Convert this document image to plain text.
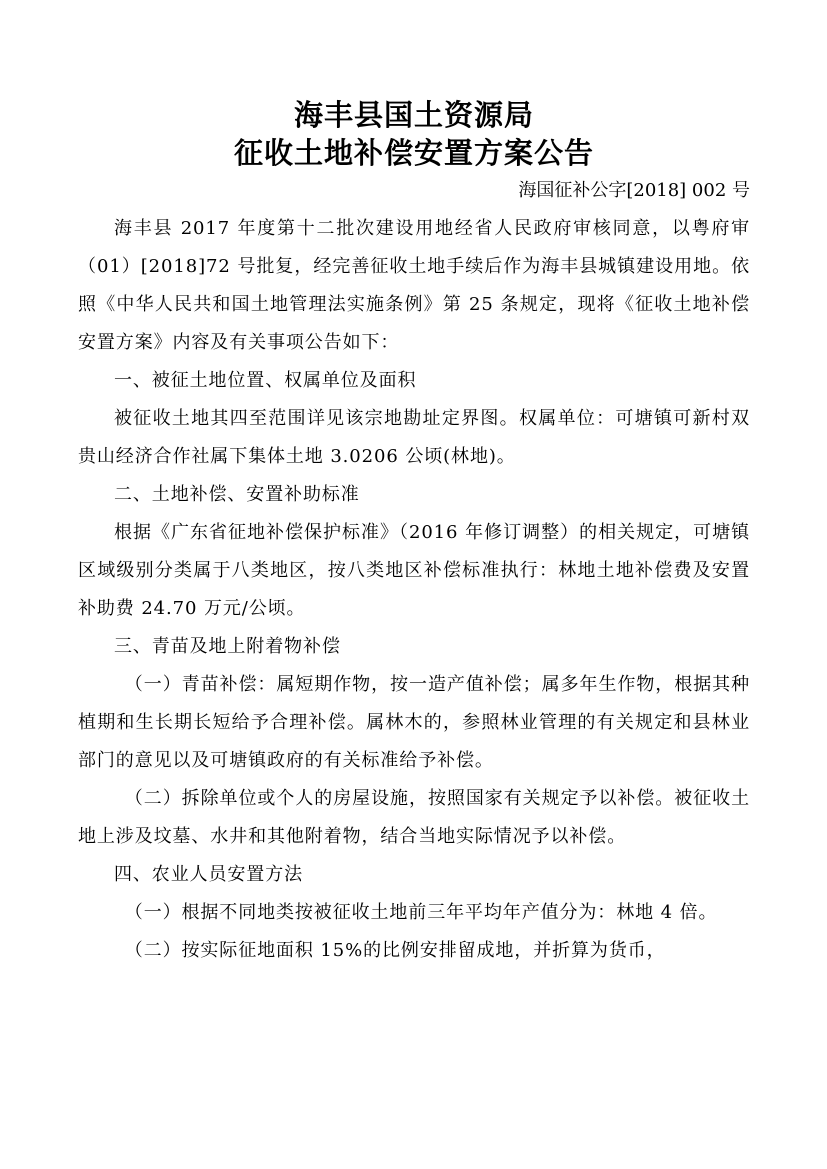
海丰县国土资源局
征收土地补偿安置方案公告

海国征补公字[2018] 002 号

海丰县 2017 年度第十二批次建设用地经省人民政府审核同意，以粤府审（01）[2018]72 号批复，经完善征收土地手续后作为海丰县城镇建设用地。依照《中华人民共和国土地管理法实施条例》第 25 条规定，现将《征收土地补偿安置方案》内容及有关事项公告如下：

一、被征土地位置、权属单位及面积

被征收土地其四至范围详见该宗地勘址定界图。权属单位：可塘镇可新村双贵山经济合作社属下集体土地 3.0206 公顷(林地)。

二、土地补偿、安置补助标准

根据《广东省征地补偿保护标准》（2016 年修订调整）的相关规定，可塘镇区域级别分类属于八类地区，按八类地区补偿标准执行：林地土地补偿费及安置补助费 24.70 万元/公顷。

三、青苗及地上附着物补偿

（一）青苗补偿：属短期作物，按一造产值补偿；属多年生作物，根据其种植期和生长期长短给予合理补偿。属林木的，参照林业管理的有关规定和县林业部门的意见以及可塘镇政府的有关标准给予补偿。

（二）拆除单位或个人的房屋设施，按照国家有关规定予以补偿。被征收土地上涉及坟墓、水井和其他附着物，结合当地实际情况予以补偿。

四、农业人员安置方法

（一）根据不同地类按被征收土地前三年平均年产值分为：林地 4 倍。

（二）按实际征地面积 15%的比例安排留成地，并折算为货币，
